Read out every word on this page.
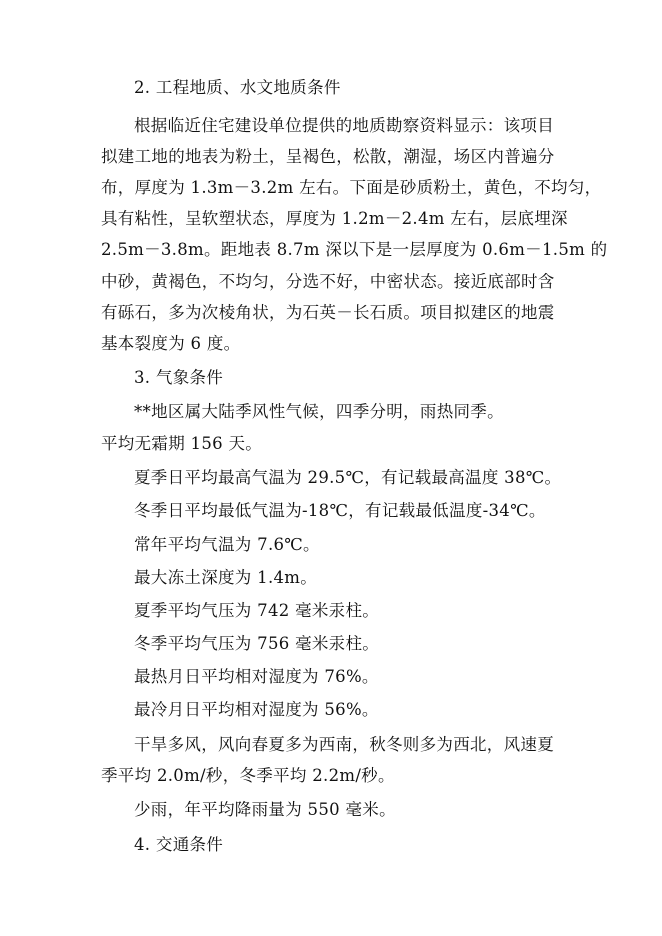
2. 工程地质、水文地质条件
根据临近住宅建设单位提供的地质勘察资料显示：该项目
拟建工地的地表为粉土，呈褐色，松散，潮湿，场区内普遍分
布，厚度为 1.3m－3.2m 左右。下面是砂质粉土，黄色，不均匀，
具有粘性，呈软塑状态，厚度为 1.2m－2.4m 左右，层底埋深
2.5m－3.8m。距地表 8.7m 深以下是一层厚度为 0.6m－1.5m 的
中砂，黄褐色，不均匀，分选不好，中密状态。接近底部时含
有砾石，多为次棱角状，为石英－长石质。项目拟建区的地震
基本裂度为 6 度。
3. 气象条件
**地区属大陆季风性气候，四季分明，雨热同季。
平均无霜期 156 天。
夏季日平均最高气温为 29.5℃，有记载最高温度 38℃。
冬季日平均最低气温为-18℃，有记载最低温度-34℃。
常年平均气温为 7.6℃。
最大冻土深度为 1.4m。
夏季平均气压为 742 毫米汞柱。
冬季平均气压为 756 毫米汞柱。
最热月日平均相对湿度为 76%。
最冷月日平均相对湿度为 56%。
干旱多风，风向春夏多为西南，秋冬则多为西北，风速夏
季平均 2.0m/秒，冬季平均 2.2m/秒。
少雨，年平均降雨量为 550 毫米。
4. 交通条件
